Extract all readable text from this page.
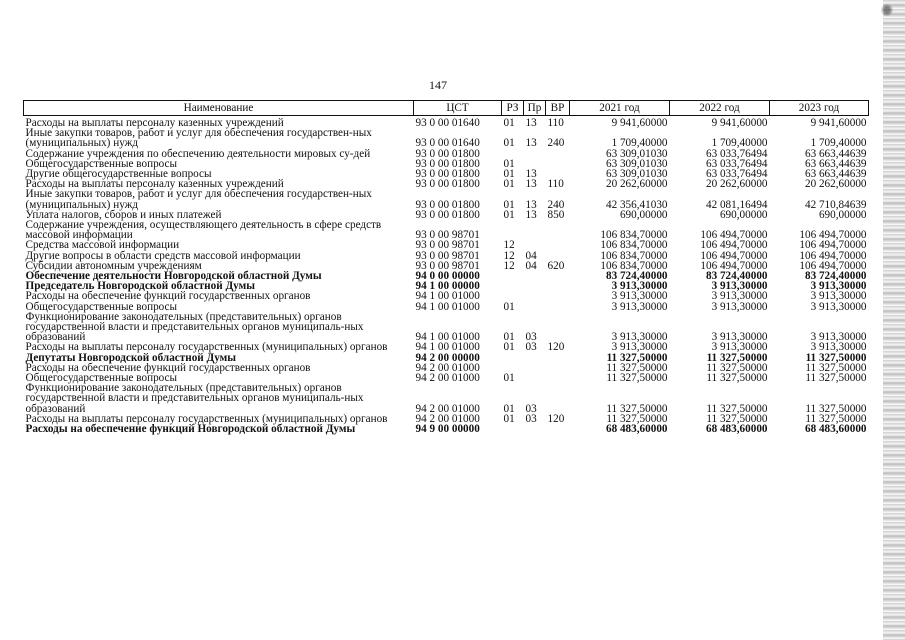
147
Наименование	ЦСТ	РЗ	Пр	ВР	2021 год	2022 год	2023 год
Расходы на выплаты персоналу казенных учреждений	93 0 00 01640	01	13	110	9 941,60000	9 941,60000	9 941,60000
Иные закупки товаров, работ и услуг для обеспечения государствен-ных (муниципальных) нужд	93 0 00 01640	01	13	240	1 709,40000	1 709,40000	1 709,40000
Содержание учреждения по обеспечению деятельности мировых су-дей	93 0 00 01800				63 309,01030	63 033,76494	63 663,44639
Общегосударственные вопросы	93 0 00 01800	01			63 309,01030	63 033,76494	63 663,44639
Другие общегосударственные вопросы	93 0 00 01800	01	13		63 309,01030	63 033,76494	63 663,44639
Расходы на выплаты персоналу казенных учреждений	93 0 00 01800	01	13	110	20 262,60000	20 262,60000	20 262,60000
Иные закупки товаров, работ и услуг для обеспечения государствен-ных (муниципальных) нужд	93 0 00 01800	01	13	240	42 356,41030	42 081,16494	42 710,84639
Уплата налогов, сборов и иных платежей	93 0 00 01800	01	13	850	690,00000	690,00000	690,00000
Содержание учреждения, осуществляющего деятельность в сфере средств массовой информации	93 0 00 98701				106 834,70000	106 494,70000	106 494,70000
Средства массовой информации	93 0 00 98701	12			106 834,70000	106 494,70000	106 494,70000
Другие вопросы в области средств массовой информации	93 0 00 98701	12	04		106 834,70000	106 494,70000	106 494,70000
Субсидии автономным учреждениям	93 0 00 98701	12	04	620	106 834,70000	106 494,70000	106 494,70000
Обеспечение деятельности Новгородской областной Думы	94 0 00 00000				83 724,40000	83 724,40000	83 724,40000
Председатель Новгородской областной Думы	94 1 00 00000				3 913,30000	3 913,30000	3 913,30000
Расходы на обеспечение функций государственных органов	94 1 00 01000				3 913,30000	3 913,30000	3 913,30000
Общегосударственные вопросы	94 1 00 01000	01			3 913,30000	3 913,30000	3 913,30000
Функционирование законодательных (представительных) органов государственной власти и представительных органов муниципаль-ных образований	94 1 00 01000	01	03		3 913,30000	3 913,30000	3 913,30000
Расходы на выплаты персоналу государственных (муниципальных) органов	94 1 00 01000	01	03	120	3 913,30000	3 913,30000	3 913,30000
Депутаты Новгородской областной Думы	94 2 00 00000				11 327,50000	11 327,50000	11 327,50000
Расходы на обеспечение функций государственных органов	94 2 00 01000				11 327,50000	11 327,50000	11 327,50000
Общегосударственные вопросы	94 2 00 01000	01			11 327,50000	11 327,50000	11 327,50000
Функционирование законодательных (представительных) органов государственной власти и представительных органов муниципаль-ных образований	94 2 00 01000	01	03		11 327,50000	11 327,50000	11 327,50000
Расходы на выплаты персоналу государственных (муниципальных) органов	94 2 00 01000	01	03	120	11 327,50000	11 327,50000	11 327,50000
Расходы на обеспечение функций Новгородской областной Думы	94 9 00 00000				68 483,60000	68 483,60000	68 483,60000
